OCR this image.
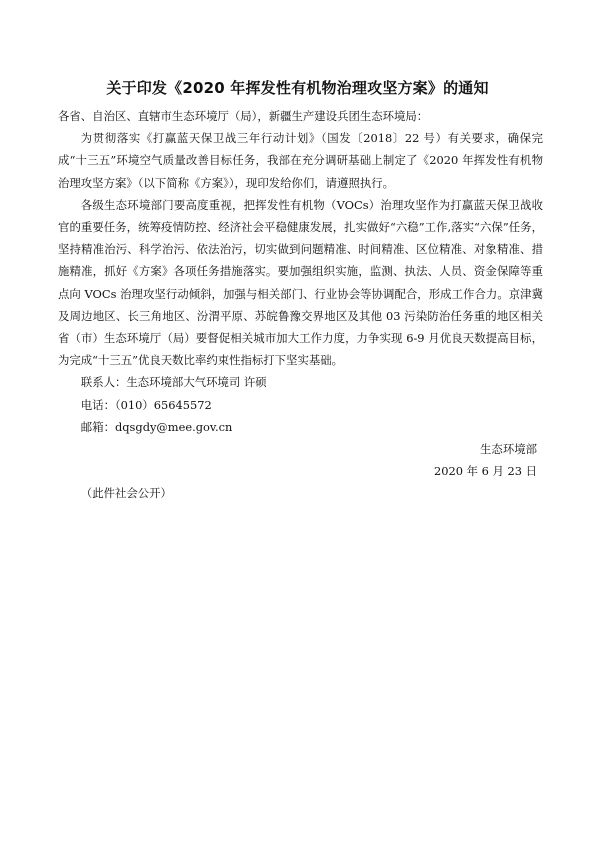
关于印发《2020 年挥发性有机物治理攻坚方案》的通知

各省、自治区、直辖市生态环境厅（局），新疆生产建设兵团生态环境局：

为贯彻落实《打赢蓝天保卫战三年行动计划》（国发〔2018〕22 号）有关要求，确保完成“十三五”环境空气质量改善目标任务，我部在充分调研基础上制定了《2020 年挥发性有机物治理攻坚方案》（以下简称《方案》），现印发给你们，请遵照执行。

各级生态环境部门要高度重视，把挥发性有机物（VOCs）治理攻坚作为打赢蓝天保卫战收官的重要任务，统筹疫情防控、经济社会平稳健康发展，扎实做好“六稳”工作,落实“六保”任务，坚持精准治污、科学治污、依法治污，切实做到问题精准、时间精准、区位精准、对象精准、措施精准，抓好《方案》各项任务措施落实。要加强组织实施，监测、执法、人员、资金保障等重点向 VOCs 治理攻坚行动倾斜，加强与相关部门、行业协会等协调配合，形成工作合力。京津冀及周边地区、长三角地区、汾渭平原、苏皖鲁豫交界地区及其他 03 污染防治任务重的地区相关省（市）生态环境厅（局）要督促相关城市加大工作力度，力争实现 6-9 月优良天数提高目标，为完成“十三五”优良天数比率约束性指标打下坚实基础。

联系人：生态环境部大气环境司 许硕

电话：（010）65645572

邮箱：dqsgdy@mee.gov.cn

生态环境部

2020 年 6 月 23 日

（此件社会公开）
